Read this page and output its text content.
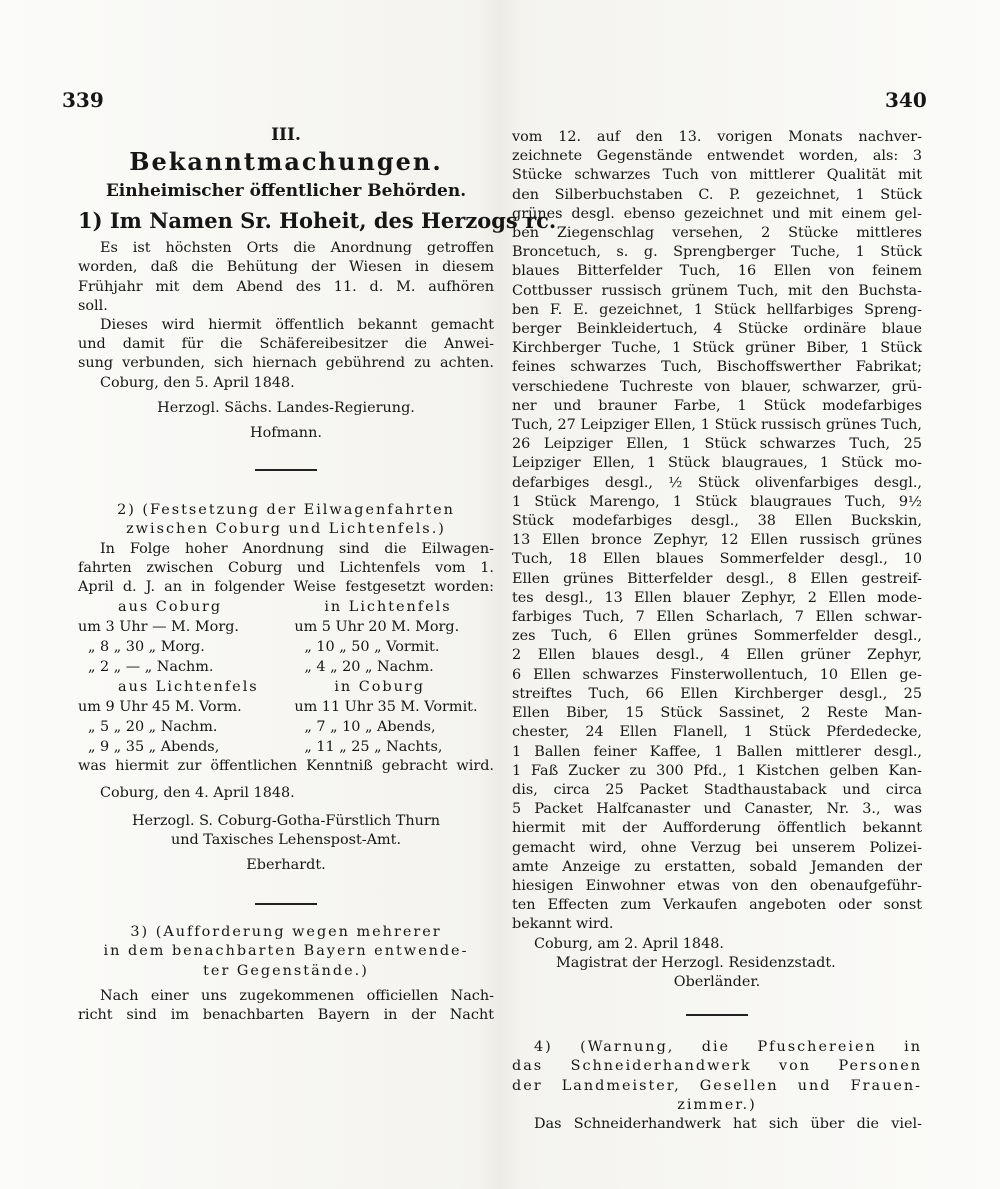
339	340
III.
Bekanntmachungen.
Einheimischer öffentlicher Behörden.
1) Im Namen Sr. Hoheit, des Herzogs rc.
Es ist höchsten Orts die Anordnung getroffen
worden, daß die Behütung der Wiesen in diesem
Frühjahr mit dem Abend des 11. d. M. aufhören
soll.
Dieses wird hiermit öffentlich bekannt gemacht
und damit für die Schäfereibesitzer die Anwei-
sung verbunden, sich hiernach gebührend zu achten.
Coburg, den 5. April 1848.
Herzogl. Sächs. Landes-Regierung.
Hofmann.
2) (Festsetzung der Eilwagenfahrten
zwischen Coburg und Lichtenfels.)
In Folge hoher Anordnung sind die Eilwagen-
fahrten zwischen Coburg und Lichtenfels vom 1.
April d. J. an in folgender Weise festgesetzt worden:
aus Coburg	in Lichtenfels
um 3 Uhr — M. Morg.	um 5 Uhr 20 M. Morg.
„ 8 „ 30 „ Morg.	„ 10 „ 50 „ Vormit.
„ 2 „ — „ Nachm.	„ 4 „ 20 „ Nachm.
aus Lichtenfels	in Coburg
um 9 Uhr 45 M. Vorm.	um 11 Uhr 35 M. Vormit.
„ 5 „ 20 „ Nachm.	„ 7 „ 10 „ Abends,
„ 9 „ 35 „ Abends,	„ 11 „ 25 „ Nachts,
was hiermit zur öffentlichen Kenntniß gebracht wird.
Coburg, den 4. April 1848.
Herzogl. S. Coburg-Gotha-Fürstlich Thurn
und Taxisches Lehenspost-Amt.
Eberhardt.
3) (Aufforderung wegen mehrerer
in dem benachbarten Bayern entwende-
ter Gegenstände.)
Nach einer uns zugekommenen officiellen Nach-
richt sind im benachbarten Bayern in der Nacht
vom 12. auf den 13. vorigen Monats nachver-
zeichnete Gegenstände entwendet worden, als: 3
Stücke schwarzes Tuch von mittlerer Qualität mit
den Silberbuchstaben C. P. gezeichnet, 1 Stück
grünes desgl. ebenso gezeichnet und mit einem gel-
ben Ziegenschlag versehen, 2 Stücke mittleres
Broncetuch, s. g. Sprengberger Tuche, 1 Stück
blaues Bitterfelder Tuch, 16 Ellen von feinem
Cottbusser russisch grünem Tuch, mit den Buchsta-
ben F. E. gezeichnet, 1 Stück hellfarbiges Spreng-
berger Beinkleidertuch, 4 Stücke ordinäre blaue
Kirchberger Tuche, 1 Stück grüner Biber, 1 Stück
feines schwarzes Tuch, Bischoffswerther Fabrikat;
verschiedene Tuchreste von blauer, schwarzer, grü-
ner und brauner Farbe, 1 Stück modefarbiges
Tuch, 27 Leipziger Ellen, 1 Stück russisch grünes Tuch,
26 Leipziger Ellen, 1 Stück schwarzes Tuch, 25
Leipziger Ellen, 1 Stück blaugraues, 1 Stück mo-
defarbiges desgl., ½ Stück olivenfarbiges desgl.,
1 Stück Marengo, 1 Stück blaugraues Tuch, 9½
Stück modefarbiges desgl., 38 Ellen Buckskin,
13 Ellen bronce Zephyr, 12 Ellen russisch grünes
Tuch, 18 Ellen blaues Sommerfelder desgl., 10
Ellen grünes Bitterfelder desgl., 8 Ellen gestreif-
tes desgl., 13 Ellen blauer Zephyr, 2 Ellen mode-
farbiges Tuch, 7 Ellen Scharlach, 7 Ellen schwar-
zes Tuch, 6 Ellen grünes Sommerfelder desgl.,
2 Ellen blaues desgl., 4 Ellen grüner Zephyr,
6 Ellen schwarzes Finsterwollentuch, 10 Ellen ge-
streiftes Tuch, 66 Ellen Kirchberger desgl., 25
Ellen Biber, 15 Stück Sassinet, 2 Reste Man-
chester, 24 Ellen Flanell, 1 Stück Pferdedecke,
1 Ballen feiner Kaffee, 1 Ballen mittlerer desgl.,
1 Faß Zucker zu 300 Pfd., 1 Kistchen gelben Kan-
dis, circa 25 Packet Stadthaustaback und circa
5 Packet Halfcanaster und Canaster, Nr. 3., was
hiermit mit der Aufforderung öffentlich bekannt
gemacht wird, ohne Verzug bei unserem Polizei-
amte Anzeige zu erstatten, sobald Jemanden der
hiesigen Einwohner etwas von den obenaufgeführ-
ten Effecten zum Verkaufen angeboten oder sonst
bekannt wird.
Coburg, am 2. April 1848.
Magistrat der Herzogl. Residenzstadt.
Oberländer.
4) (Warnung, die Pfuschereien in
das Schneiderhandwerk von Personen
der Landmeister, Gesellen und Frauen-
zimmer.)
Das Schneiderhandwerk hat sich über die viel-
